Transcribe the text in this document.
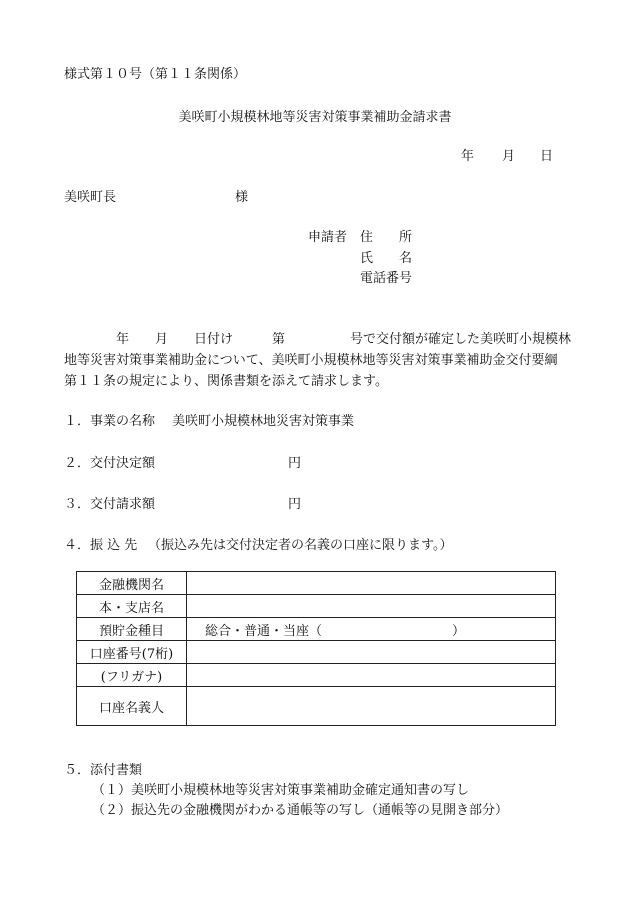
様式第１０号（第１１条関係）
美咲町小規模林地等災害対策事業補助金請求書
年 月 日
美咲町長	様
申請者 住　　所
氏　　名
電話番号
年　　月　　日付け　　　第　　　　　号で交付額が確定した美咲町小規模林
地等災害対策事業補助金について、美咲町小規模林地等災害対策事業補助金交付要綱
第１１条の規定により、関係書類を添えて請求します。
１．事業の名称 美咲町小規模林地災害対策事業
２．交付決定額	円
３．交付請求額	円
４．振 込 先 （振込み先は交付決定者の名義の口座に限ります。）
金融機関名	
本・支店名	
預貯金種目	総合・普通・当座（　　　　　　　　　　）
口座番号(7桁)	
(フリガナ)	
口座名義人	
５．添付書類
（１）美咲町小規模林地等災害対策事業補助金確定通知書の写し
（２）振込先の金融機関がわかる通帳等の写し（通帳等の見開き部分）
